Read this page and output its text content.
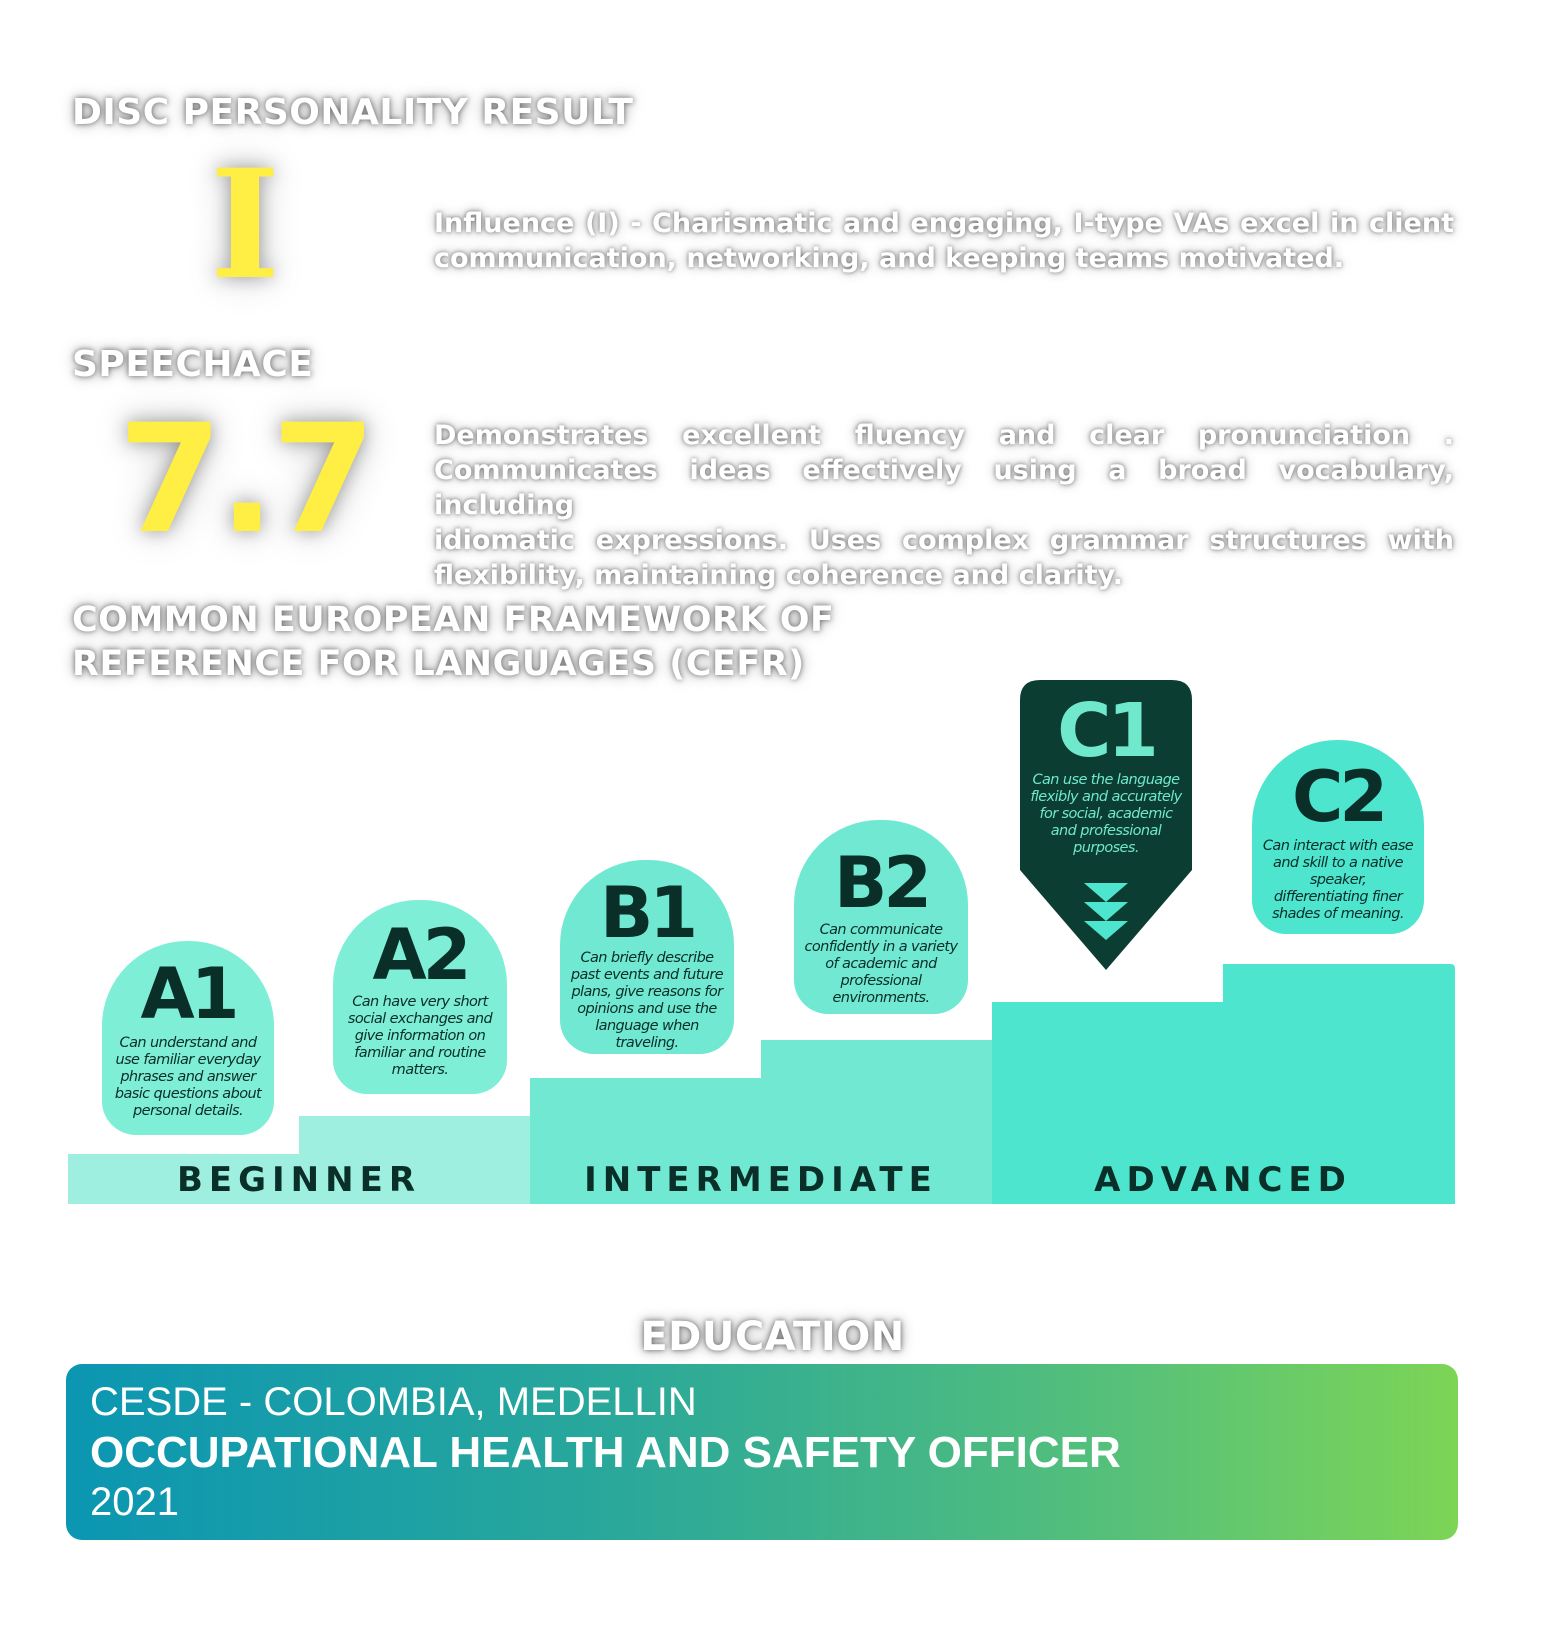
DISC PERSONALITY RESULT
I	Influence (I) - Charismatic and engaging, I-type VAs excel in client
communication, networking, and keeping teams motivated.
SPEECHACE
7.7	Demonstrates excellent fluency and clear pronunciation .
Communicates ideas effectively using a broad vocabulary, including
idiomatic expressions. Uses complex grammar structures with
flexibility, maintaining coherence and clarity.
COMMON EUROPEAN FRAMEWORK OF
REFERENCE FOR LANGUAGES (CEFR)
BEGINNER	INTERMEDIATE	ADVANCED
A1
Can understand and use familiar everyday phrases and answer basic questions about personal details.
A2
Can have very short social exchanges and give information on familiar and routine matters.
B1
Can briefly describe past events and future plans, give reasons for opinions and use the language when traveling.
B2
Can communicate confidently in a variety of academic and professional environments.
C1
Can use the language flexibly and accurately for social, academic and professional purposes.
C2
Can interact with ease and skill to a native speaker, differentiating finer shades of meaning.
EDUCATION
CESDE - COLOMBIA, MEDELLIN
OCCUPATIONAL HEALTH AND SAFETY OFFICER
2021
